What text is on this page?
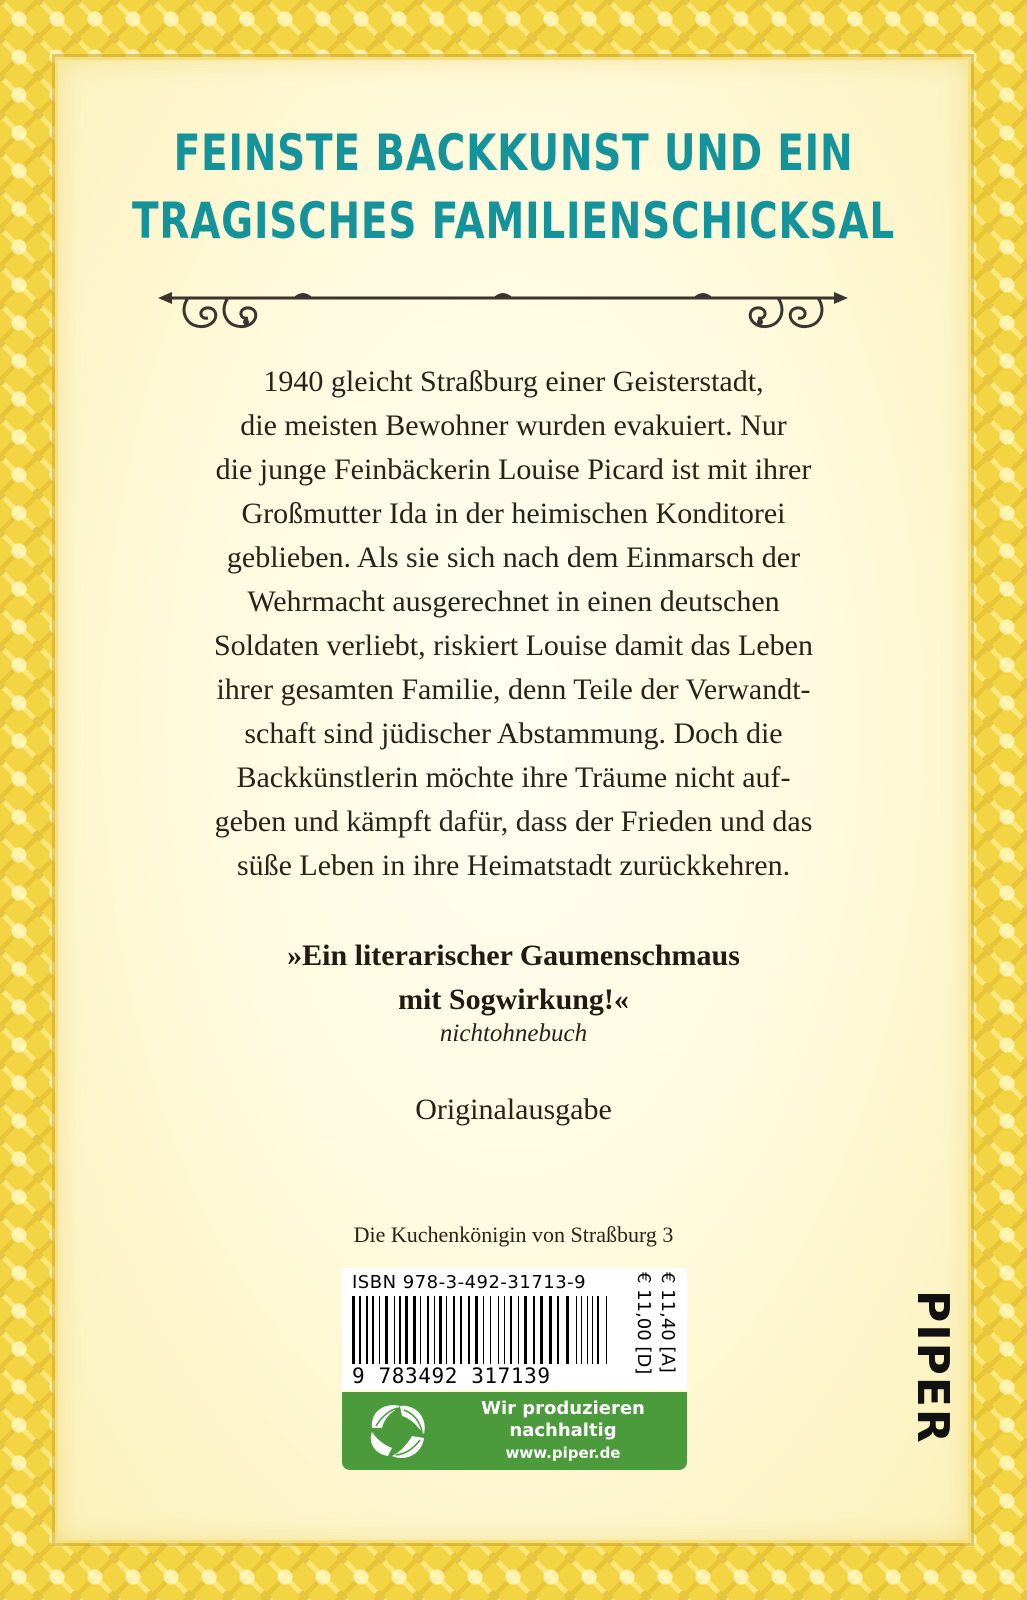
FEINSTE BACKKUNST UND EIN
TRAGISCHES FAMILIENSCHICKSAL

1940 gleicht Straßburg einer Geisterstadt,
die meisten Bewohner wurden evakuiert. Nur
die junge Feinbäckerin Louise Picard ist mit ihrer
Großmutter Ida in der heimischen Konditorei
geblieben. Als sie sich nach dem Einmarsch der
Wehrmacht ausgerechnet in einen deutschen
Soldaten verliebt, riskiert Louise damit das Leben
ihrer gesamten Familie, denn Teile der Verwandt-
schaft sind jüdischer Abstammung. Doch die
Backkünstlerin möchte ihre Träume nicht auf-
geben und kämpft dafür, dass der Frieden und das
süße Leben in ihre Heimatstadt zurückkehren.

»Ein literarischer Gaumenschmaus
mit Sogwirkung!«

nichtohnebuch
Originalausgabe
Die Kuchenkönigin von Straßburg 3
ISBN 978-3-492-31713-9
9 783492 317139
€ 11,00 [D] € 11,40 [A]
Wir produzieren
nachhaltig
www.piper.de
PIPER
